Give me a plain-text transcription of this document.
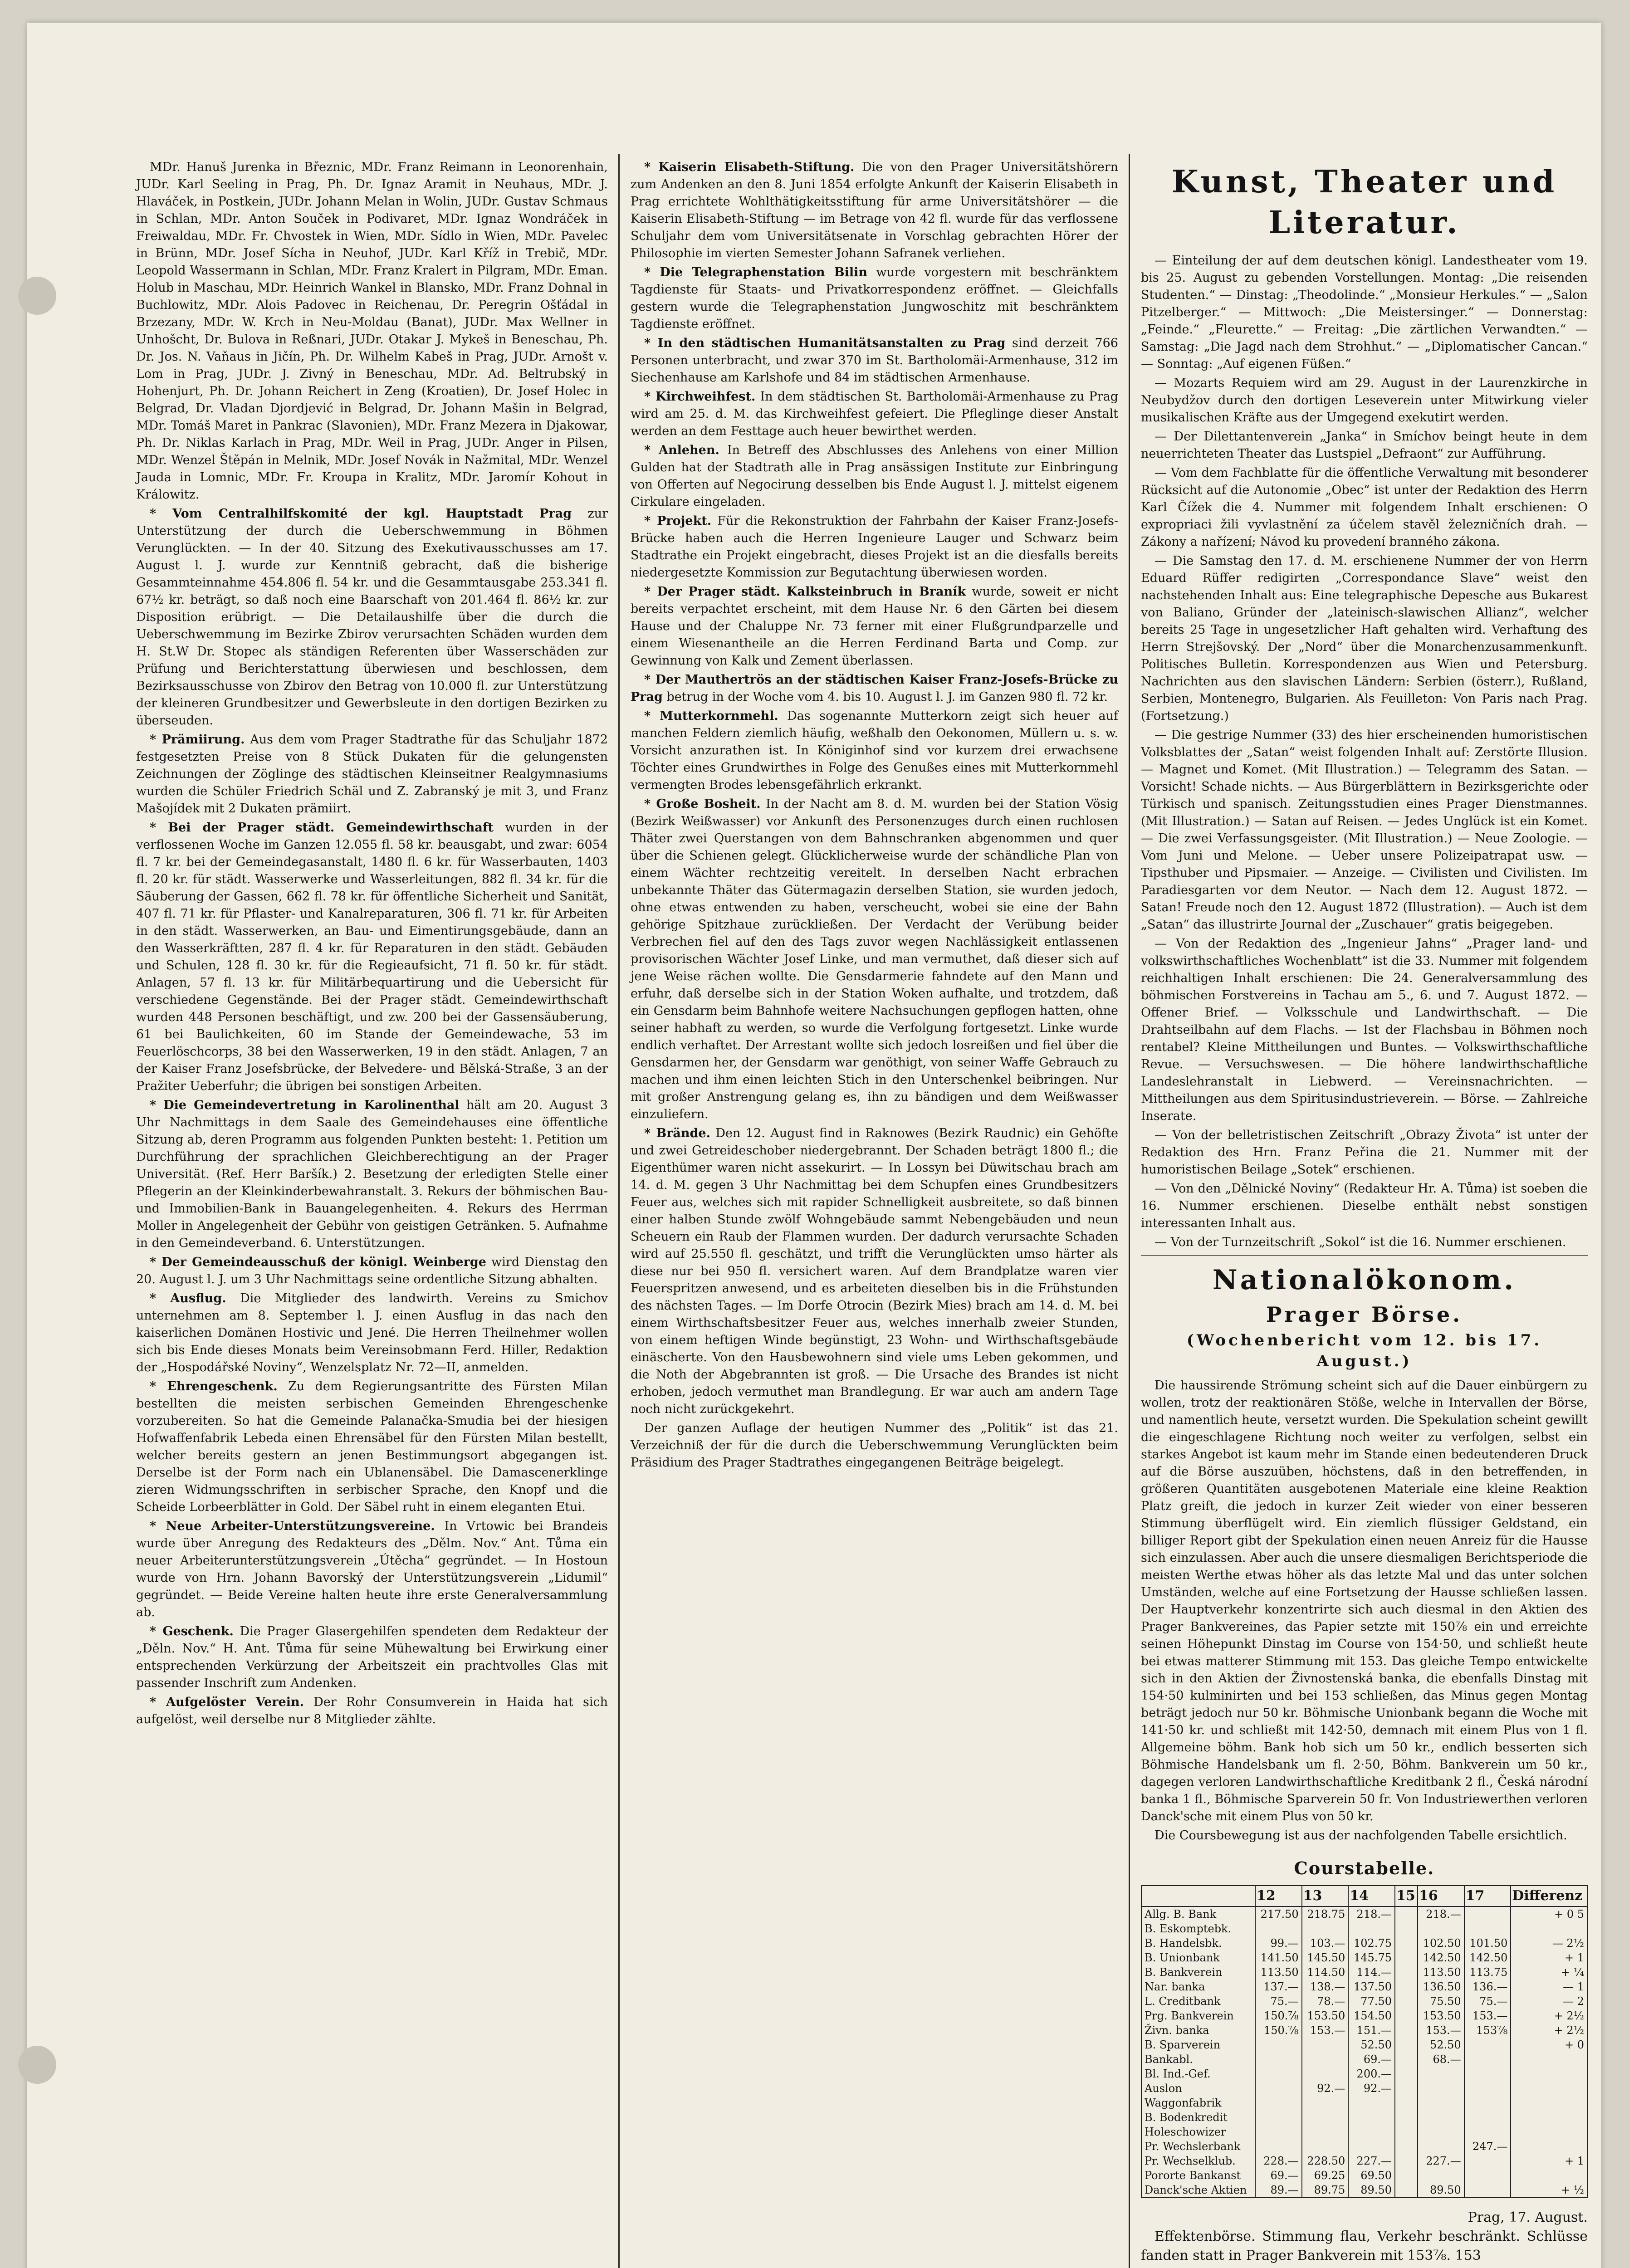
MDr. Hanuš Jurenka in Březnic, MDr. Franz Reimann in Leonorenhain, JUDr. Karl Seeling in Prag, Ph. Dr. Ignaz Aramit in Neuhaus, MDr. J. Hlaváček, in Postkein, JUDr. Johann Melan in Wolin, JUDr. Gustav Schmaus in Schlan, MDr. Anton Souček in Podivaret, MDr. Ignaz Wondráček in Freiwaldau, MDr. Fr. Chvostek in Wien, MDr. Sídlo in Wien, MDr. Pavelec in Brünn, MDr. Josef Sícha in Neuhof, JUDr. Karl Kříž in Trebič, MDr. Leopold Wassermann in Schlan, MDr. Franz Kralert in Pilgram, MDr. Eman. Holub in Maschau, MDr. Heinrich Wankel in Blansko, MDr. Franz Dohnal in Buchlowitz, MDr. Alois Padovec in Reichenau, Dr. Peregrin Ošťádal in Brzezany, MDr. W. Krch in Neu-Moldau (Banat), JUDr. Max Wellner in Unhošcht, Dr. Bulova in Reßnari, JUDr. Otakar J. Mykeš in Beneschau, Ph. Dr. Jos. N. Vaňaus in Jičín, Ph. Dr. Wilhelm Kabeš in Prag, JUDr. Arnošt v. Lom in Prag, JUDr. J. Zivný in Beneschau, MDr. Ad. Beltrubský in Hohenjurt, Ph. Dr. Johann Reichert in Zeng (Kroatien), Dr. Josef Holec in Belgrad, Dr. Vladan Djordjević in Belgrad, Dr. Johann Mašin in Belgrad, MDr. Tomáš Maret in Pankrac (Slavonien), MDr. Franz Mezera in Djakowar, Ph. Dr. Niklas Karlach in Prag, MDr. Weil in Prag, JUDr. Anger in Pilsen, MDr. Wenzel Štěpán in Melnik, MDr. Josef Novák in Nažmital, MDr. Wenzel Jauda in Lomnic, MDr. Fr. Kroupa in Kralitz, MDr. Jaromír Kohout in Králowitz.

* Vom Centralhilfskomité der kgl. Hauptstadt Prag zur Unterstützung der durch die Ueberschwemmung in Böhmen Verunglückten. — In der 40. Sitzung des Exekutivausschusses am 17. August l. J. wurde zur Kenntniß gebracht, daß die bisherige Gesammteinnahme 454.806 fl. 54 kr. und die Gesammtausgabe 253.341 fl. 67½ kr. beträgt, so daß noch eine Baarschaft von 201.464 fl. 86½ kr. zur Disposition erübrigt. — Die Detailaushilfe über die durch die Ueberschwemmung im Bezirke Zbirov verursachten Schäden wurden dem H. St.W Dr. Stopec als ständigen Referenten über Wasserschäden zur Prüfung und Berichterstattung überwiesen und beschlossen, dem Bezirksausschusse von Zbirov den Betrag von 10.000 fl. zur Unterstützung der kleineren Grundbesitzer und Gewerbsleute in den dortigen Bezirken zu überseuden.

* Prämiirung. Aus dem vom Prager Stadtrathe für das Schuljahr 1872 festgesetzten Preise von 8 Stück Dukaten für die gelungensten Zeichnungen der Zöglinge des städtischen Kleinseitner Realgymnasiums wurden die Schüler Friedrich Schäl und Z. Zabranský je mit 3, und Franz Mašojídek mit 2 Dukaten prämiirt.

* Bei der Prager städt. Gemeindewirthschaft wurden in der verflossenen Woche im Ganzen 12.055 fl. 58 kr. beausgabt, und zwar: 6054 fl. 7 kr. bei der Gemeindegasanstalt, 1480 fl. 6 kr. für Wasserbauten, 1403 fl. 20 kr. für städt. Wasserwerke und Wasserleitungen, 882 fl. 34 kr. für die Säuberung der Gassen, 662 fl. 78 kr. für öffentliche Sicherheit und Sanität, 407 fl. 71 kr. für Pflaster- und Kanalreparaturen, 306 fl. 71 kr. für Arbeiten in den städt. Wasserwerken, an Bau- und Eimentirungsgebäude, dann an den Wasserkräftten, 287 fl. 4 kr. für Reparaturen in den städt. Gebäuden und Schulen, 128 fl. 30 kr. für die Regieaufsicht, 71 fl. 50 kr. für städt. Anlagen, 57 fl. 13 kr. für Militärbequartirung und die Uebersicht für verschiedene Gegenstände. Bei der Prager städt. Gemeindewirthschaft wurden 448 Personen beschäftigt, und zw. 200 bei der Gassensäuberung, 61 bei Baulichkeiten, 60 im Stande der Gemeindewache, 53 im Feuerlöschcorps, 38 bei den Wasserwerken, 19 in den städt. Anlagen, 7 an der Kaiser Franz Josefsbrücke, der Belvedere- und Bělská-Straße, 3 an der Pražiter Ueberfuhr; die übrigen bei sonstigen Arbeiten.

* Die Gemeindevertretung in Karolinenthal hält am 20. August 3 Uhr Nachmittags in dem Saale des Gemeindehauses eine öffentliche Sitzung ab, deren Programm aus folgenden Punkten besteht: 1. Petition um Durchführung der sprachlichen Gleichberechtigung an der Prager Universität. (Ref. Herr Baršík.) 2. Besetzung der erledigten Stelle einer Pflegerin an der Kleinkinderbewahranstalt. 3. Rekurs der böhmischen Bau- und Immobilien-Bank in Bauangelegenheiten. 4. Rekurs des Herrman Moller in Angelegenheit der Gebühr von geistigen Getränken. 5. Aufnahme in den Gemeindeverband. 6. Unterstützungen.

* Der Gemeindeausschuß der königl. Weinberge wird Dienstag den 20. August l. J. um 3 Uhr Nachmittags seine ordentliche Sitzung abhalten.

* Ausflug. Die Mitglieder des landwirth. Vereins zu Smichov unternehmen am 8. September l. J. einen Ausflug in das nach den kaiserlichen Domänen Hostivic und Jené. Die Herren Theilnehmer wollen sich bis Ende dieses Monats beim Vereinsobmann Ferd. Hiller, Redaktion der „Hospodářské Noviny“, Wenzelsplatz Nr. 72—II, anmelden.

* Ehrengeschenk. Zu dem Regierungsantritte des Fürsten Milan bestellten die meisten serbischen Gemeinden Ehrengeschenke vorzubereiten. So hat die Gemeinde Palanačka-Smudia bei der hiesigen Hofwaffenfabrik Lebeda einen Ehrensäbel für den Fürsten Milan bestellt, welcher bereits gestern an jenen Bestimmungsort abgegangen ist. Derselbe ist der Form nach ein Ublanensäbel. Die Damascenerklinge zieren Widmungsschriften in serbischer Sprache, den Knopf und die Scheide Lorbeerblätter in Gold. Der Säbel ruht in einem eleganten Etui.

* Neue Arbeiter-Unterstützungsvereine. In Vrtowic bei Brandeis wurde über Anregung des Redakteurs des „Dělm. Nov.“ Ant. Tůma ein neuer Arbeiterunterstützungsverein „Útěcha“ gegründet. — In Hostoun wurde von Hrn. Johann Bavorský der Unterstützungsverein „Lidumil“ gegründet. — Beide Vereine halten heute ihre erste Generalversammlung ab.

* Geschenk. Die Prager Glasergehilfen spendeten dem Redakteur der „Děln. Nov.“ H. Ant. Tůma für seine Mühewaltung bei Erwirkung einer entsprechenden Verkürzung der Arbeitszeit ein prachtvolles Glas mit passender Inschrift zum Andenken.

* Aufgelöster Verein. Der Rohr Consumverein in Haida hat sich aufgelöst, weil derselbe nur 8 Mitglieder zählte.

* Kaiserin Elisabeth-Stiftung. Die von den Prager Universitätshörern zum Andenken an den 8. Juni 1854 erfolgte Ankunft der Kaiserin Elisabeth in Prag errichtete Wohlthätigkeitsstiftung für arme Universitätshörer — die Kaiserin Elisabeth-Stiftung — im Betrage von 42 fl. wurde für das verflossene Schuljahr dem vom Universitätsenate in Vorschlag gebrachten Hörer der Philosophie im vierten Semester Johann Safranek verliehen.

* Die Telegraphenstation Bilin wurde vorgestern mit beschränktem Tagdienste für Staats- und Privatkorrespondenz eröffnet. — Gleichfalls gestern wurde die Telegraphenstation Jungwoschitz mit beschränktem Tagdienste eröffnet.

* In den städtischen Humanitätsanstalten zu Prag sind derzeit 766 Personen unterbracht, und zwar 370 im St. Bartholomäi-Armenhause, 312 im Siechenhause am Karlshofe und 84 im städtischen Armenhause.

* Kirchweihfest. In dem städtischen St. Bartholomäi-Armenhause zu Prag wird am 25. d. M. das Kirchweihfest gefeiert. Die Pfleglinge dieser Anstalt werden an dem Festtage auch heuer bewirthet werden.

* Anlehen. In Betreff des Abschlusses des Anlehens von einer Million Gulden hat der Stadtrath alle in Prag ansässigen Institute zur Einbringung von Offerten auf Negocirung desselben bis Ende August l. J. mittelst eigenem Cirkulare eingeladen.

* Projekt. Für die Rekonstruktion der Fahrbahn der Kaiser Franz-Josefs-Brücke haben auch die Herren Ingenieure Lauger und Schwarz beim Stadtrathe ein Projekt eingebracht, dieses Projekt ist an die diesfalls bereits niedergesetzte Kommission zur Begutachtung überwiesen worden.

* Der Prager städt. Kalksteinbruch in Braník wurde, soweit er nicht bereits verpachtet erscheint, mit dem Hause Nr. 6 den Gärten bei diesem Hause und der Chaluppe Nr. 73 ferner mit einer Flußgrundparzelle und einem Wiesenantheile an die Herren Ferdinand Barta und Comp. zur Gewinnung von Kalk und Zement überlassen.

* Der Mauthertrös an der städtischen Kaiser Franz-Josefs-Brücke zu Prag betrug in der Woche vom 4. bis 10. August l. J. im Ganzen 980 fl. 72 kr.

* Mutterkornmehl. Das sogenannte Mutterkorn zeigt sich heuer auf manchen Feldern ziemlich häufig, weßhalb den Oekonomen, Müllern u. s. w. Vorsicht anzurathen ist. In Königinhof sind vor kurzem drei erwachsene Töchter eines Grundwirthes in Folge des Genußes eines mit Mutterkornmehl vermengten Brodes lebensgefährlich erkrankt.

* Große Bosheit. In der Nacht am 8. d. M. wurden bei der Station Vösig (Bezirk Weißwasser) vor Ankunft des Personenzuges durch einen ruchlosen Thäter zwei Querstangen von dem Bahnschranken abgenommen und quer über die Schienen gelegt. Glücklicherweise wurde der schändliche Plan von einem Wächter rechtzeitig vereitelt. In derselben Nacht erbrachen unbekannte Thäter das Gütermagazin derselben Station, sie wurden jedoch, ohne etwas entwenden zu haben, verscheucht, wobei sie eine der Bahn gehörige Spitzhaue zurückließen. Der Verdacht der Verübung beider Verbrechen fiel auf den des Tags zuvor wegen Nachlässigkeit entlassenen provisorischen Wächter Josef Linke, und man vermuthet, daß dieser sich auf jene Weise rächen wollte. Die Gensdarmerie fahndete auf den Mann und erfuhr, daß derselbe sich in der Station Woken aufhalte, und trotzdem, daß ein Gensdarm beim Bahnhofe weitere Nachsuchungen gepflogen hatten, ohne seiner habhaft zu werden, so wurde die Verfolgung fortgesetzt. Linke wurde endlich verhaftet. Der Arrestant wollte sich jedoch losreißen und fiel über die Gensdarmen her, der Gensdarm war genöthigt, von seiner Waffe Gebrauch zu machen und ihm einen leichten Stich in den Unterschenkel beibringen. Nur mit großer Anstrengung gelang es, ihn zu bändigen und dem Weißwasser einzuliefern.

* Brände. Den 12. August find in Raknowes (Bezirk Raudnic) ein Gehöfte und zwei Getreideschober niedergebrannt. Der Schaden beträgt 1800 fl.; die Eigenthümer waren nicht assekurirt. — In Lossyn bei Düwitschau brach am 14. d. M. gegen 3 Uhr Nachmittag bei dem Schupfen eines Grundbesitzers Feuer aus, welches sich mit rapider Schnelligkeit ausbreitete, so daß binnen einer halben Stunde zwölf Wohngebäude sammt Nebengebäuden und neun Scheuern ein Raub der Flammen wurden. Der dadurch verursachte Schaden wird auf 25.550 fl. geschätzt, und trifft die Verunglückten umso härter als diese nur bei 950 fl. versichert waren. Auf dem Brandplatze waren vier Feuerspritzen anwesend, und es arbeiteten dieselben bis in die Frühstunden des nächsten Tages. — Im Dorfe Otrocin (Bezirk Mies) brach am 14. d. M. bei einem Wirthschaftsbesitzer Feuer aus, welches innerhalb zweier Stunden, von einem heftigen Winde begünstigt, 23 Wohn- und Wirthschaftsgebäude einäscherte. Von den Hausbewohnern sind viele ums Leben gekommen, und die Noth der Abgebrannten ist groß. — Die Ursache des Brandes ist nicht erhoben, jedoch vermuthet man Brandlegung. Er war auch am andern Tage noch nicht zurückgekehrt.

Der ganzen Auflage der heutigen Nummer des „Politik“ ist das 21. Verzeichniß der für die durch die Ueberschwemmung Verunglückten beim Präsidium des Prager Stadtrathes eingegangenen Beiträge beigelegt.

Kunst, Theater und Literatur.

— Einteilung der auf dem deutschen königl. Landestheater vom 19. bis 25. August zu gebenden Vorstellungen. Montag: „Die reisenden Studenten.“ — Dinstag: „Theodolinde.“ „Monsieur Herkules.“ — „Salon Pitzelberger.“ — Mittwoch: „Die Meistersinger.“ — Donnerstag: „Feinde.“ „Fleurette.“ — Freitag: „Die zärtlichen Verwandten.“ — Samstag: „Die Jagd nach dem Strohhut.“ — „Diplomatischer Cancan.“ — Sonntag: „Auf eigenen Füßen.“

— Mozarts Requiem wird am 29. August in der Laurenzkirche in Neubydžov durch den dortigen Leseverein unter Mitwirkung vieler musikalischen Kräfte aus der Umgegend exekutirt werden.

— Der Dilettantenverein „Janka“ in Smíchov beingt heute in dem neuerrichteten Theater das Lustspiel „Defraont“ zur Aufführung.

— Vom dem Fachblatte für die öffentliche Verwaltung mit besonderer Rücksicht auf die Autonomie „Obec“ ist unter der Redaktion des Herrn Karl Čížek die 4. Nummer mit folgendem Inhalt erschienen: O expropriaci žili vyvlastnění za účelem stavěl železničních drah. — Zákony a nařízení; Návod ku provedení branného zákona.

— Die Samstag den 17. d. M. erschienene Nummer der von Herrn Eduard Rüffer redigirten „Correspondance Slave“ weist den nachstehenden Inhalt aus: Eine telegraphische Depesche aus Bukarest von Baliano, Gründer der „lateinisch-slawischen Allianz“, welcher bereits 25 Tage in ungesetzlicher Haft gehalten wird. Verhaftung des Herrn Strejšovský. Der „Nord“ über die Monarchenzusammenkunft. Politisches Bulletin. Korrespondenzen aus Wien und Petersburg. Nachrichten aus den slavischen Ländern: Serbien (österr.), Rußland, Serbien, Montenegro, Bulgarien. Als Feuilleton: Von Paris nach Prag. (Fortsetzung.)

— Die gestrige Nummer (33) des hier erscheinenden humoristischen Volksblattes der „Satan“ weist folgenden Inhalt auf: Zerstörte Illusion. — Magnet und Komet. (Mit Illustration.) — Telegramm des Satan. — Vorsicht! Schade nichts. — Aus Bürgerblättern in Bezirksgerichte oder Türkisch und spanisch. Zeitungsstudien eines Prager Dienstmannes. (Mit Illustration.) — Satan auf Reisen. — Jedes Unglück ist ein Komet. — Die zwei Verfassungsgeister. (Mit Illustration.) — Neue Zoologie. — Vom Juni und Melone. — Ueber unsere Polizeipatrapat usw. — Tipsthuber und Pipsmaier. — Anzeige. — Civilisten und Civilisten. Im Paradiesgarten vor dem Neutor. — Nach dem 12. August 1872. — Satan! Freude noch den 12. August 1872 (Illustration). — Auch ist dem „Satan“ das illustrirte Journal der „Zuschauer“ gratis beigegeben.

— Von der Redaktion des „Ingenieur Jahns“ „Prager land- und volkswirthschaftliches Wochenblatt“ ist die 33. Nummer mit folgendem reichhaltigen Inhalt erschienen: Die 24. Generalversammlung des böhmischen Forstvereins in Tachau am 5., 6. und 7. August 1872. — Offener Brief. — Volksschule und Landwirthschaft. — Die Drahtseilbahn auf dem Flachs. — Ist der Flachsbau in Böhmen noch rentabel? Kleine Mittheilungen und Buntes. — Volkswirthschaftliche Revue. — Versuchswesen. — Die höhere landwirthschaftliche Landeslehranstalt in Liebwerd. — Vereinsnachrichten. — Mittheilungen aus dem Spiritusindustrieverein. — Börse. — Zahlreiche Inserate.

— Von der belletristischen Zeitschrift „Obrazy Života“ ist unter der Redaktion des Hrn. Franz Peřina die 21. Nummer mit der humoristischen Beilage „Sotek“ erschienen.

— Von den „Dělnické Noviny“ (Redakteur Hr. A. Tůma) ist soeben die 16. Nummer erschienen. Dieselbe enthält nebst sonstigen interessanten Inhalt aus.

— Von der Turnzeitschrift „Sokol“ ist die 16. Nummer erschienen.

Nationalökonom.
Prager Börse.
(Wochenbericht vom 12. bis 17. August.)

Die haussirende Strömung scheint sich auf die Dauer einbürgern zu wollen, trotz der reaktionären Stöße, welche in Intervallen der Börse, und namentlich heute, versetzt wurden. Die Spekulation scheint gewillt die eingeschlagene Richtung noch weiter zu verfolgen, selbst ein starkes Angebot ist kaum mehr im Stande einen bedeutenderen Druck auf die Börse auszuüben, höchstens, daß in den betreffenden, in größeren Quantitäten ausgebotenen Materiale eine kleine Reaktion Platz greift, die jedoch in kurzer Zeit wieder von einer besseren Stimmung überflügelt wird. Ein ziemlich flüssiger Geldstand, ein billiger Report gibt der Spekulation einen neuen Anreiz für die Hausse sich einzulassen. Aber auch die unsere diesmaligen Berichtsperiode die meisten Werthe etwas höher als das letzte Mal und das unter solchen Umständen, welche auf eine Fortsetzung der Hausse schließen lassen. Der Hauptverkehr konzentrirte sich auch diesmal in den Aktien des Prager Bankvereines, das Papier setzte mit 150⅞ ein und erreichte seinen Höhepunkt Dinstag im Course von 154·50, und schließt heute bei etwas matterer Stimmung mit 153. Das gleiche Tempo entwickelte sich in den Aktien der Živnostenská banka, die ebenfalls Dinstag mit 154·50 kulminirten und bei 153 schließen, das Minus gegen Montag beträgt jedoch nur 50 kr. Böhmische Unionbank begann die Woche mit 141·50 kr. und schließt mit 142·50, demnach mit einem Plus von 1 fl. Allgemeine böhm. Bank hob sich um 50 kr., endlich besserten sich Böhmische Handelsbank um fl. 2·50, Böhm. Bankverein um 50 kr., dagegen verloren Landwirthschaftliche Kreditbank 2 fl., Česká národní banka 1 fl., Böhmische Sparverein 50 fr. Von Industriewerthen verloren Danck'sche mit einem Plus von 50 kr.

Die Coursbewegung ist aus der nachfolgenden Tabelle ersichtlich.

Courstabelle.
	12	13	14	15	16	17	Differenz
Allg. B. Bank	217.50	218.75	218.—		218.—		+ 0 5
B. Eskomptebk.							
B. Handelsbk.	99.—	103.—	102.75		102.50	101.50	— 2½
B. Unionbank	141.50	145.50	145.75		142.50	142.50	+ 1
B. Bankverein	113.50	114.50	114.—		113.50	113.75	+ ¼
Nar. banka	137.—	138.—	137.50		136.50	136.—	— 1
L. Creditbank	75.—	78.—	77.50		75.50	75.—	— 2
Prg. Bankverein	150.⅞	153.50	154.50		153.50	153.—	+ 2½
Živn. banka	150.⅞	153.—	151.—		153.—	153⅞	+ 2½
B. Sparverein			52.50		52.50		+ 0
Bankabl.			69.—		68.—		
Bl. Ind.-Gef.			200.—				
Auslon		92.—	92.—				
Waggonfabrik							
B. Bodenkredit							
Holeschowizer							
Pr. Wechslerbank						247.—	
Pr. Wechselklub.	228.—	228.50	227.—		227.—		+ 1
Pororte Bankanst	69.—	69.25	69.50				
Danck'sche Aktien	89.—	89.75	89.50		89.50		+ ½
Prag, 17. August.

Effektenbörse. Stimmung flau, Verkehr beschränkt. Schlüsse fanden statt in Prager Bankverein mit 153⅞. 153
